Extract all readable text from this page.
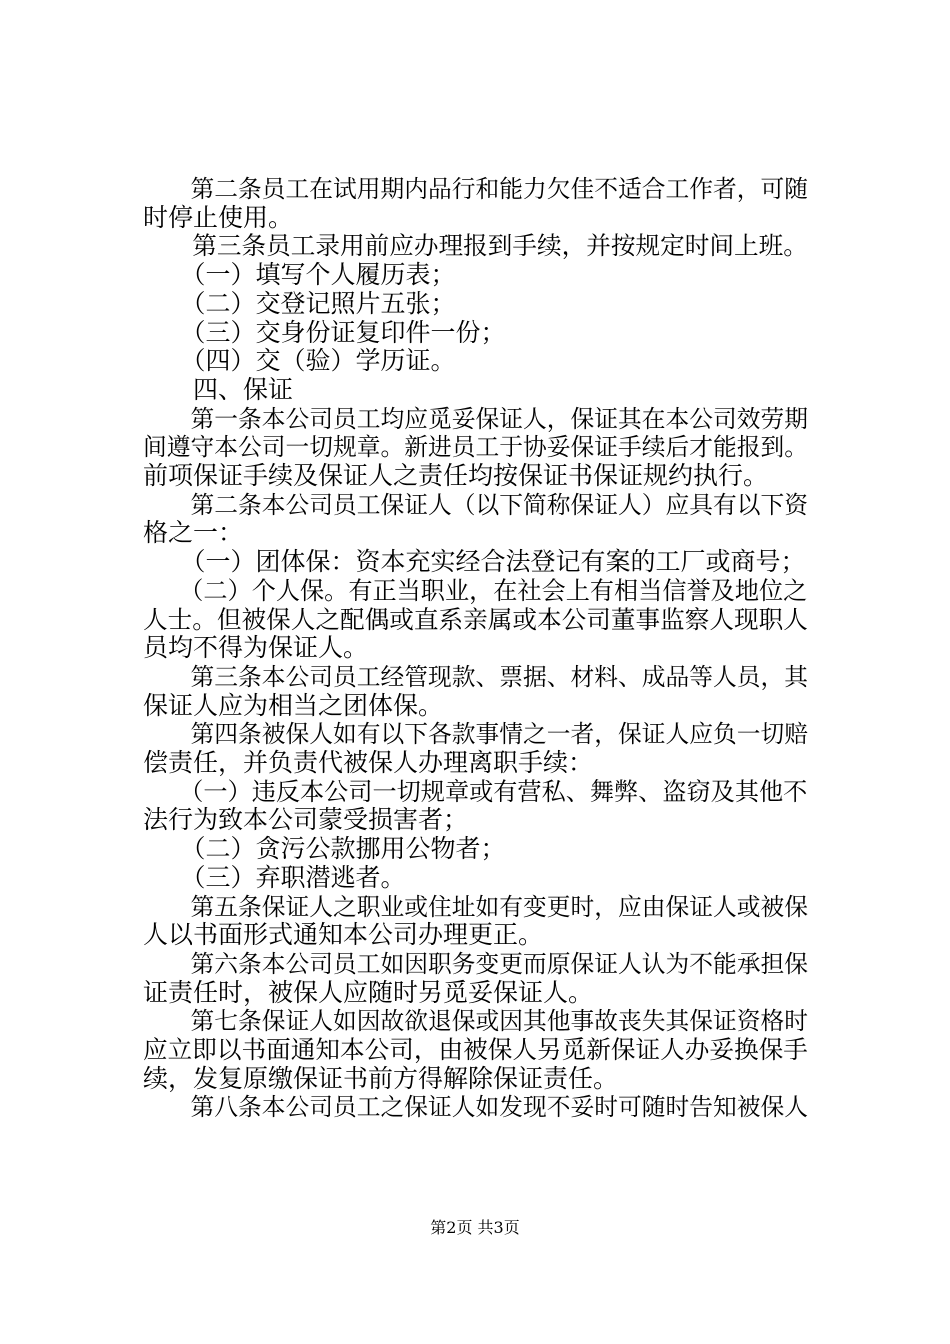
　　第二条员工在试用期内品行和能力欠佳不适合工作者，可随
时停止使用。
　　第三条员工录用前应办理报到手续，并按规定时间上班。
　　（一）填写个人履历表；
　　（二）交登记照片五张；
　　（三）交身份证复印件一份；
　　（四）交（验）学历证。
　　四、保证
　　第一条本公司员工均应觅妥保证人，保证其在本公司效劳期
间遵守本公司一切规章。新进员工于协妥保证手续后才能报到。
前项保证手续及保证人之责任均按保证书保证规约执行。
　　第二条本公司员工保证人（以下简称保证人）应具有以下资
格之一：
　　（一）团体保：资本充实经合法登记有案的工厂或商号；
　　（二）个人保。有正当职业，在社会上有相当信誉及地位之
人士。但被保人之配偶或直系亲属或本公司董事监察人现职人
员均不得为保证人。
　　第三条本公司员工经管现款、票据、材料、成品等人员，其
保证人应为相当之团体保。
　　第四条被保人如有以下各款事情之一者，保证人应负一切赔
偿责任，并负责代被保人办理离职手续：
　　（一）违反本公司一切规章或有营私、舞弊、盗窃及其他不
法行为致本公司蒙受损害者；
　　（二）贪污公款挪用公物者；
　　（三）弃职潜逃者。
　　第五条保证人之职业或住址如有变更时，应由保证人或被保
人以书面形式通知本公司办理更正。
　　第六条本公司员工如因职务变更而原保证人认为不能承担保
证责任时，被保人应随时另觅妥保证人。
　　第七条保证人如因故欲退保或因其他事故丧失其保证资格时
应立即以书面通知本公司，由被保人另觅新保证人办妥换保手
续，发复原缴保证书前方得解除保证责任。
　　第八条本公司员工之保证人如发现不妥时可随时告知被保人
第2页 共3页
